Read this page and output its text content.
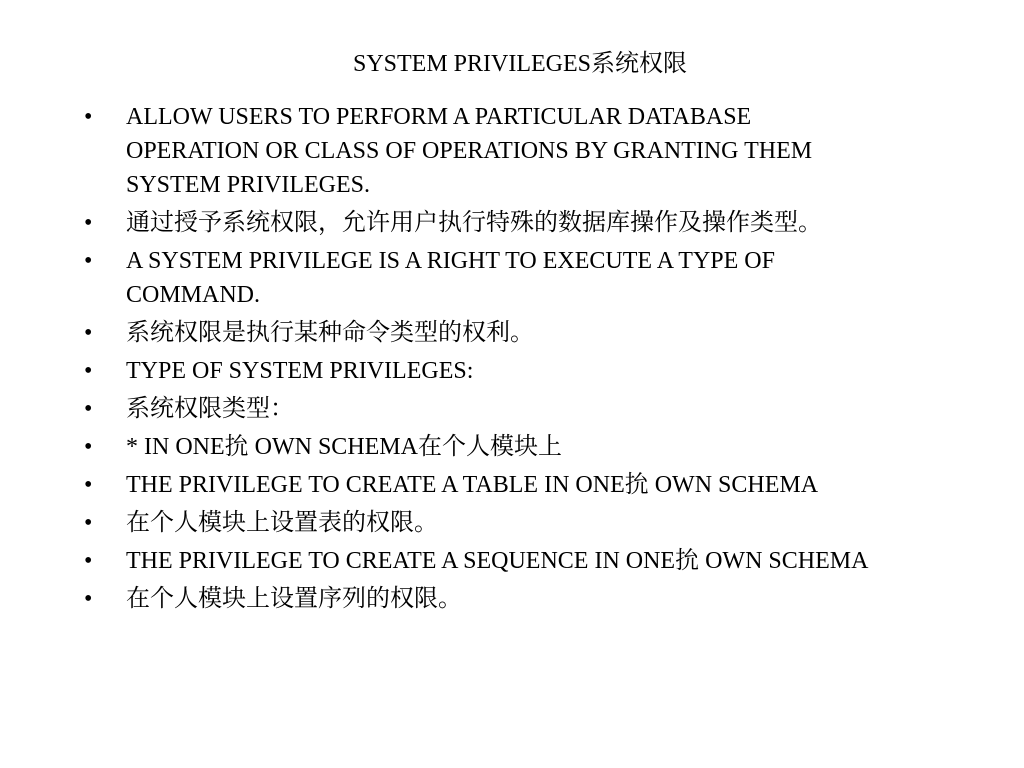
SYSTEM PRIVILEGES系统权限
•	ALLOW USERS TO PERFORM A PARTICULAR DATABASE OPERATION OR CLASS OF OPERATIONS BY GRANTING THEM SYSTEM PRIVILEGES.
•	通过授予系统权限，允许用户执行特殊的数据库操作及操作类型。
•	A SYSTEM PRIVILEGE IS A RIGHT TO EXECUTE A TYPE OF COMMAND.
•	系统权限是执行某种命令类型的权利。
•	TYPE OF SYSTEM PRIVILEGES:
•	系统权限类型：
•	* IN ONE抁 OWN SCHEMA在个人模块上
•	THE PRIVILEGE TO CREATE A TABLE IN ONE抁 OWN SCHEMA
•	在个人模块上设置表的权限。
•	THE PRIVILEGE TO CREATE A SEQUENCE IN ONE抁 OWN SCHEMA
•	在个人模块上设置序列的权限。
